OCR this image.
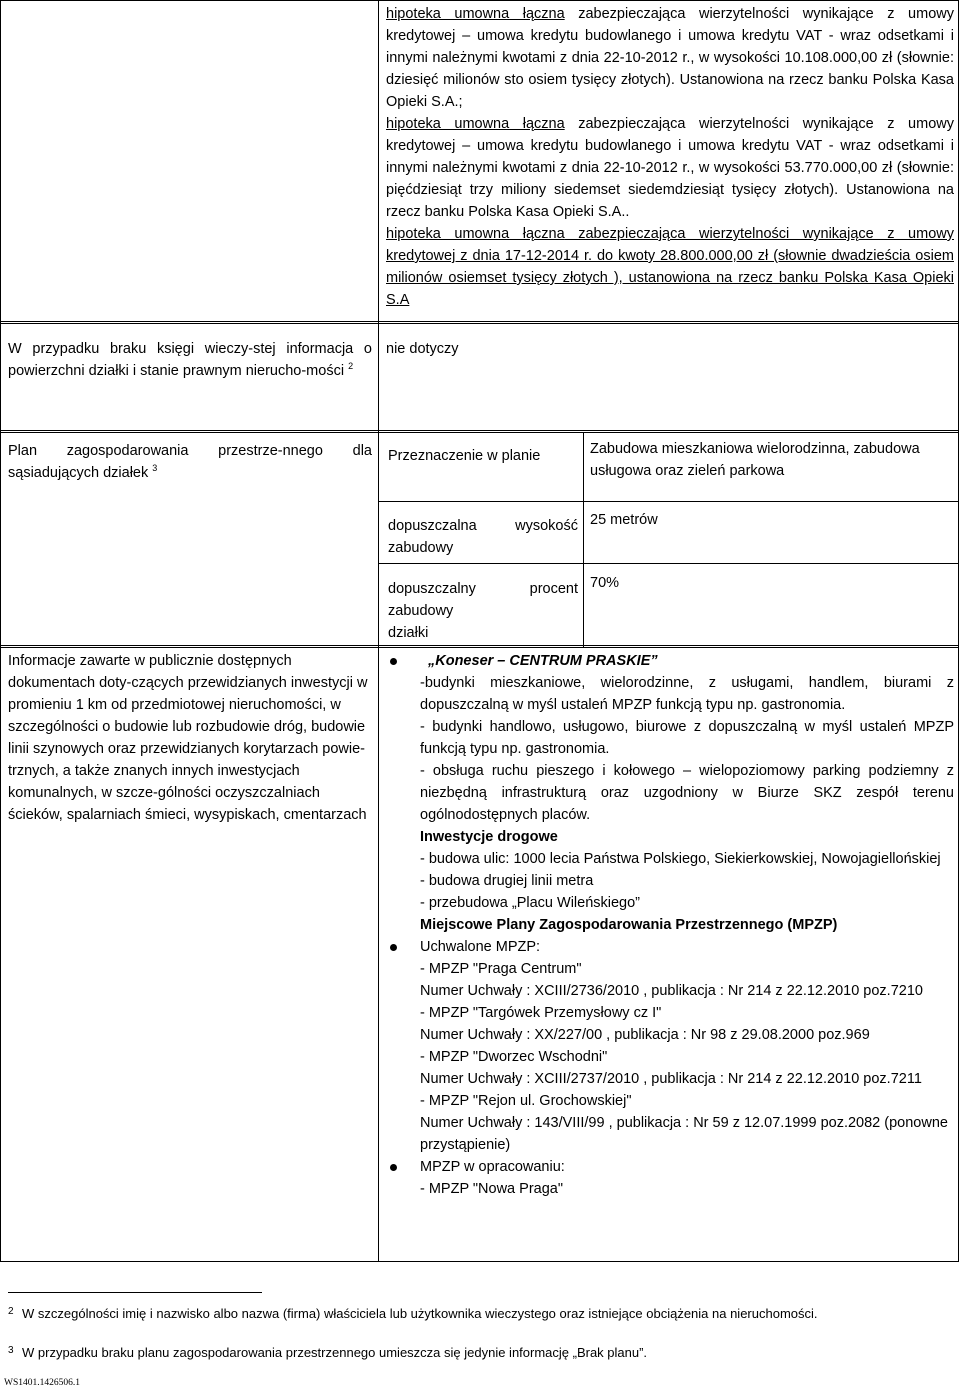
hipoteka umowna łączna zabezpieczająca wierzytelności wynikające z umowy kredytowej – umowa kredytu budowlanego i umowa kredytu VAT - wraz odsetkami i innymi należnymi kwotami z dnia 22-10-2012 r., w wysokości 10.108.000,00 zł (słownie: dziesięć milionów sto osiem tysięcy złotych). Ustanowiona na rzecz banku Polska Kasa Opieki S.A.;
hipoteka umowna łączna zabezpieczająca wierzytelności wynikające z umowy kredytowej – umowa kredytu budowlanego i umowa kredytu VAT - wraz odsetkami i innymi należnymi kwotami z dnia 22-10-2012 r., w wysokości 53.770.000,00 zł (słownie: pięćdziesiąt trzy miliony siedemset siedemdziesiąt tysięcy złotych). Ustanowiona na rzecz banku Polska Kasa Opieki S.A..
hipoteka umowna łączna zabezpieczająca wierzytelności wynikające z umowy kredytowej z dnia 17-12-2014 r. do kwoty 28.800.000,00 zł (słownie dwadzieścia osiem milionów osiemset tysięcy złotych ), ustanowiona na rzecz banku Polska Kasa Opieki S.A
W przypadku braku księgi wieczy-stej informacja o powierzchni działki i stanie prawnym nierucho-mości $^2$
nie dotyczy
Plan zagospodarowania przestrze-nnego dla sąsiadujących działek $^3$
Przeznaczenie w planie	Zabudowa mieszkaniowa wielorodzinna, zabudowa usługowa oraz zieleń parkowa
dopuszczalna wysokość zabudowy
25 metrów
dopuszczalny	procent
zabudowy
działki
70%
Informacje zawarte w publicznie dostępnych dokumentach doty-czących przewidzianych inwestycji w promieniu 1 km od przedmiotowej nieruchomości, w szczególności o budowie lub rozbudowie dróg, budowie linii szynowych oraz przewidzianych korytarzach powie-trznych, a także znanych innych inwestycjach komunalnych, w szcze-gólności oczyszczalniach ścieków, spalarniach śmieci, wysypiskach, cmentarzach
„Koneser – CENTRUM PRASKIE”
-budynki mieszkaniowe, wielorodzinne, z usługami, handlem, biurami z dopuszczalną w myśl ustaleń MPZP funkcją typu np. gastronomia.
- budynki handlowo, usługowo, biurowe z dopuszczalną w myśl ustaleń MPZP funkcją typu np. gastronomia.
- obsługa ruchu pieszego i kołowego – wielopoziomowy parking podziemny z niezbędną infrastrukturą oraz uzgodniony w Biurze SKZ zespół terenu ogólnodostępnych placów.
Inwestycje drogowe
- budowa ulic: 1000 lecia Państwa Polskiego, Siekierkowskiej, Nowojagiellońskiej
- budowa drugiej linii metra
- przebudowa „Placu Wileńskiego”
Miejscowe Plany Zagospodarowania Przestrzennego (MPZP)
Uchwalone MPZP:
- MPZP "Praga Centrum"
Numer Uchwały : XCIII/2736/2010 , publikacja : Nr 214 z 22.12.2010 poz.7210
- MPZP "Targówek Przemysłowy cz I"
Numer Uchwały : XX/227/00 , publikacja : Nr 98 z 29.08.2000 poz.969
- MPZP "Dworzec Wschodni"
Numer Uchwały : XCIII/2737/2010 , publikacja : Nr 214 z 22.12.2010 poz.7211
- MPZP "Rejon ul. Grochowskiej"
Numer Uchwały : 143/VIII/99 , publikacja : Nr 59 z 12.07.1999 poz.2082 (ponowne przystąpienie)
MPZP w opracowaniu:
- MPZP "Nowa Praga"
2 W szczególności imię i nazwisko albo nazwa (firma) właściciela lub użytkownika wieczystego oraz istniejące obciążenia na nieruchomości.
3 W przypadku braku planu zagospodarowania przestrzennego umieszcza się jedynie informację „Brak planu”.
WS1401.1426506.1
